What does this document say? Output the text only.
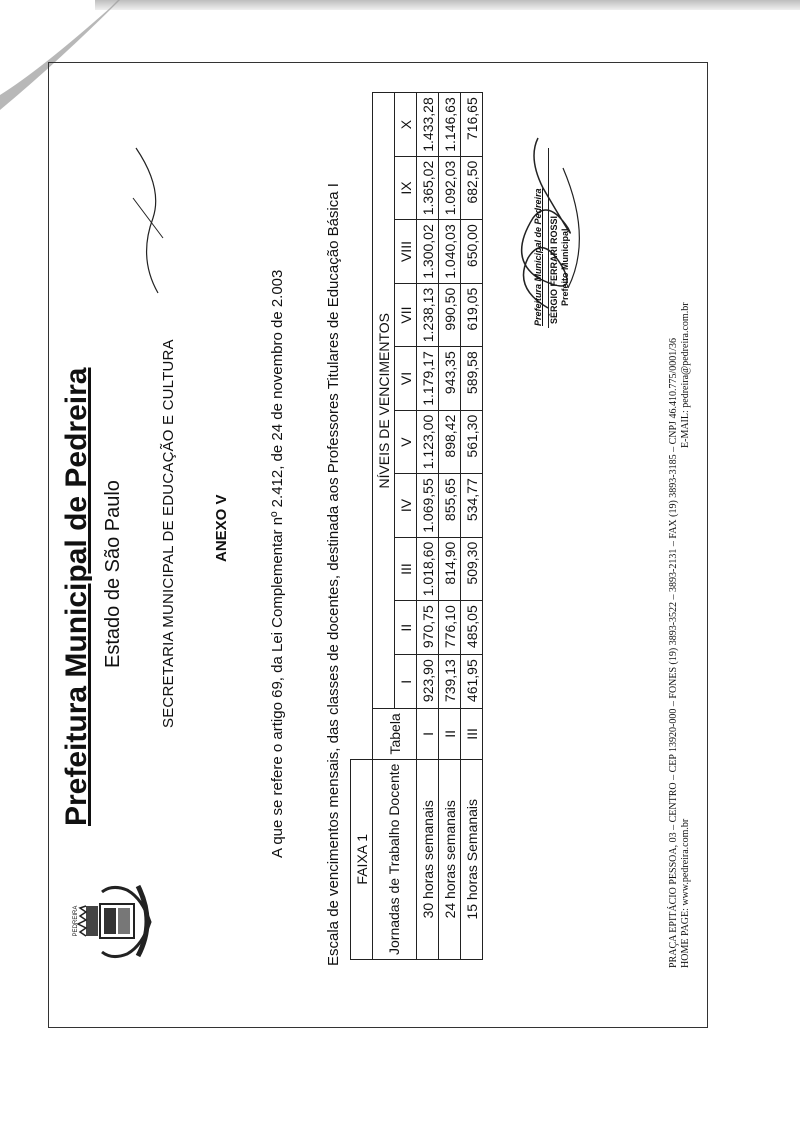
PEDREIRA
Prefeitura Municipal de Pedreira Estado de São Paulo SECRETARIA MUNICIPAL DE EDUCAÇÃO E CULTURA ANEXO V	A que se refere o artigo 69, da Lei Complementar nº 2.412, de 24 de novembro de 2.003	Escala de vencimentos mensais, das classes de docentes, destinada aos Professores Titulares de Educação Básica I FAIXA 1											
Jornadas de Trabalho Docente	Tabela	NÍVEIS DE VENCIMENTOS									
		I	II	III	IV	V	VI	VII	VIII	IX	X
30 horas semanais	I	923,90	970,75	1.018,60	1.069,55	1.123,00	1.179,17	1.238,13	1.300,02	1.365,02	1.433,28
24 horas semanais	II	739,13	776,10	814,90	855,65	898,42	943,35	990,50	1.040,03	1.092,03	1.146,63
15 horas Semanais	III	461,95	485,05	509,30	534,77	561,30	589,58	619,05	650,00	682,50	716,65
Prefeitura Municipal de Pedreira SÉRGIO FERRARI ROSSI Prefeito Municipal
PRAÇA EPITÁCIO PESSOA, 03 – CENTRO – CEP 13920-000 – FONES (19) 3893-3522 – 3893-2131 – FAX (19) 3893-3185 – CNPJ 46.410.775/0001/36 HOME PAGE: www.pedreira.com.br
E-MAIL: pedreira@pedreira.com.br
